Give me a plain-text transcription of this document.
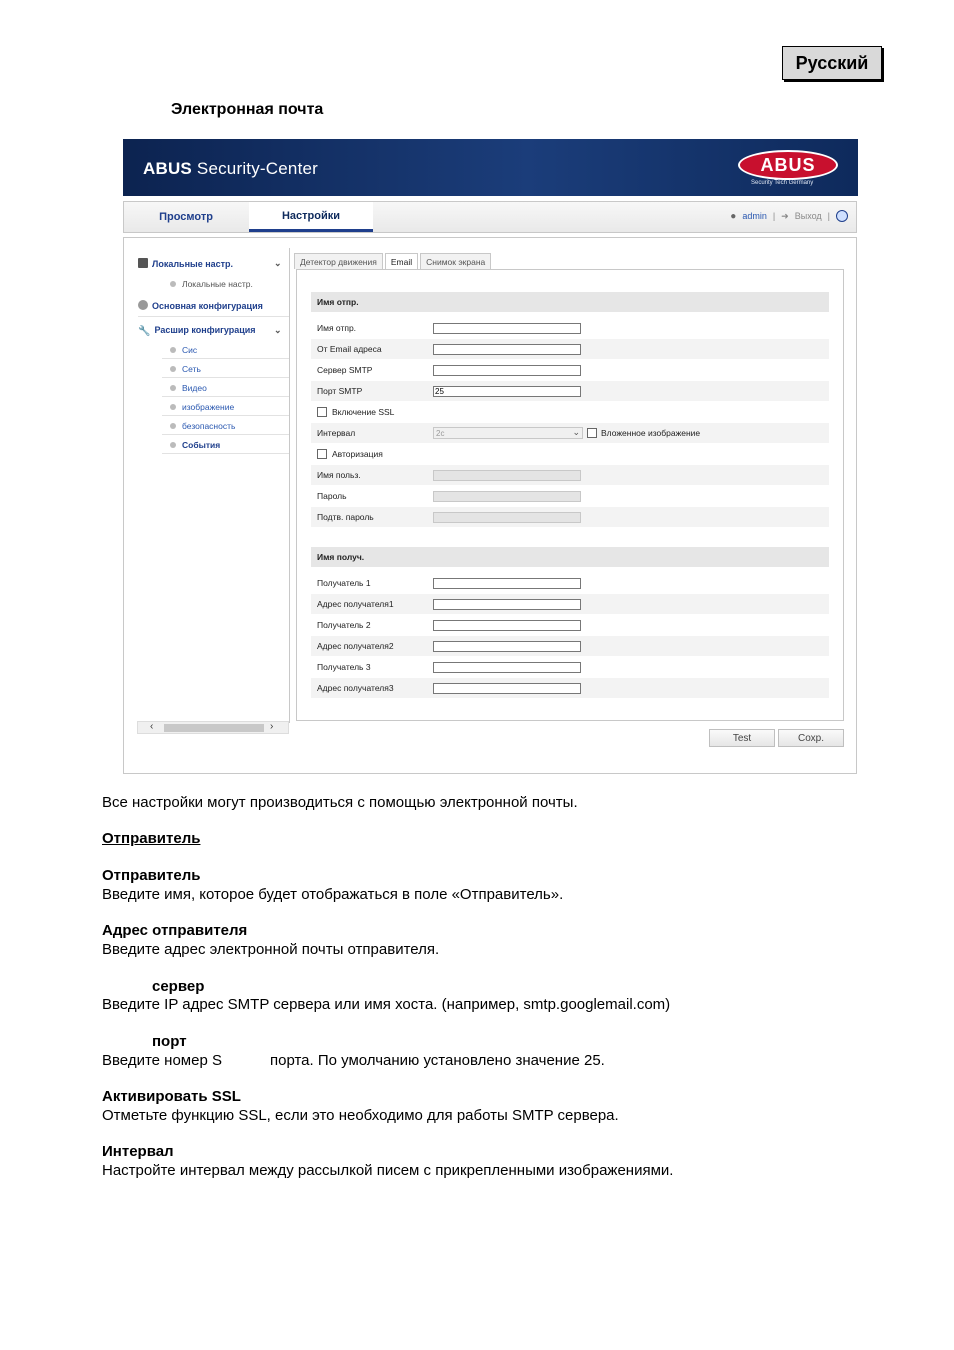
Русский
Электронная почта
ABUS Security-Center	ABUS
Security Tech Germany
Просмотр	Настройки	● admin | ➜ Выход |
Локальные настр.	⌄
Локальные настр.
Основная конфигурация
🔧 Расшир конфигурация ⌄
Сис
Сеть
Видео
изображение
безопасность
События
‹	›
Детектор движения	Email	Снимок экрана
Имя отпр.
Имя отпр.
От Email адреса
Сервер SMTP
Порт SMTP	25
Включение SSL
Интервал	2с	⌄ Вложенное изображение
Авторизация
Имя польз.
Пароль
Подтв. пароль
Имя получ.
Получатель 1
Адрес получателя1
Получатель 2
Адрес получателя2
Получатель 3
Адрес получателя3
Test	Сохр.
Все настройки могут производиться с помощью электронной почты.
Отправитель
Отправитель
Введите имя, которое будет отображаться в поле «Отправитель».
Адрес отправителя
Введите адрес электронной почты отправителя.
сервер
Введите IP адрес SMTP сервера или имя хоста. (например, smtp.googlemail.com)
порт
Введите номер S	порта. По умолчанию установлено значение 25.
Активировать SSL
Отметьте функцию SSL, если это необходимо для работы SMTP сервера.
Интервал
Настройте интервал между рассылкой писем с прикрепленными изображениями.
